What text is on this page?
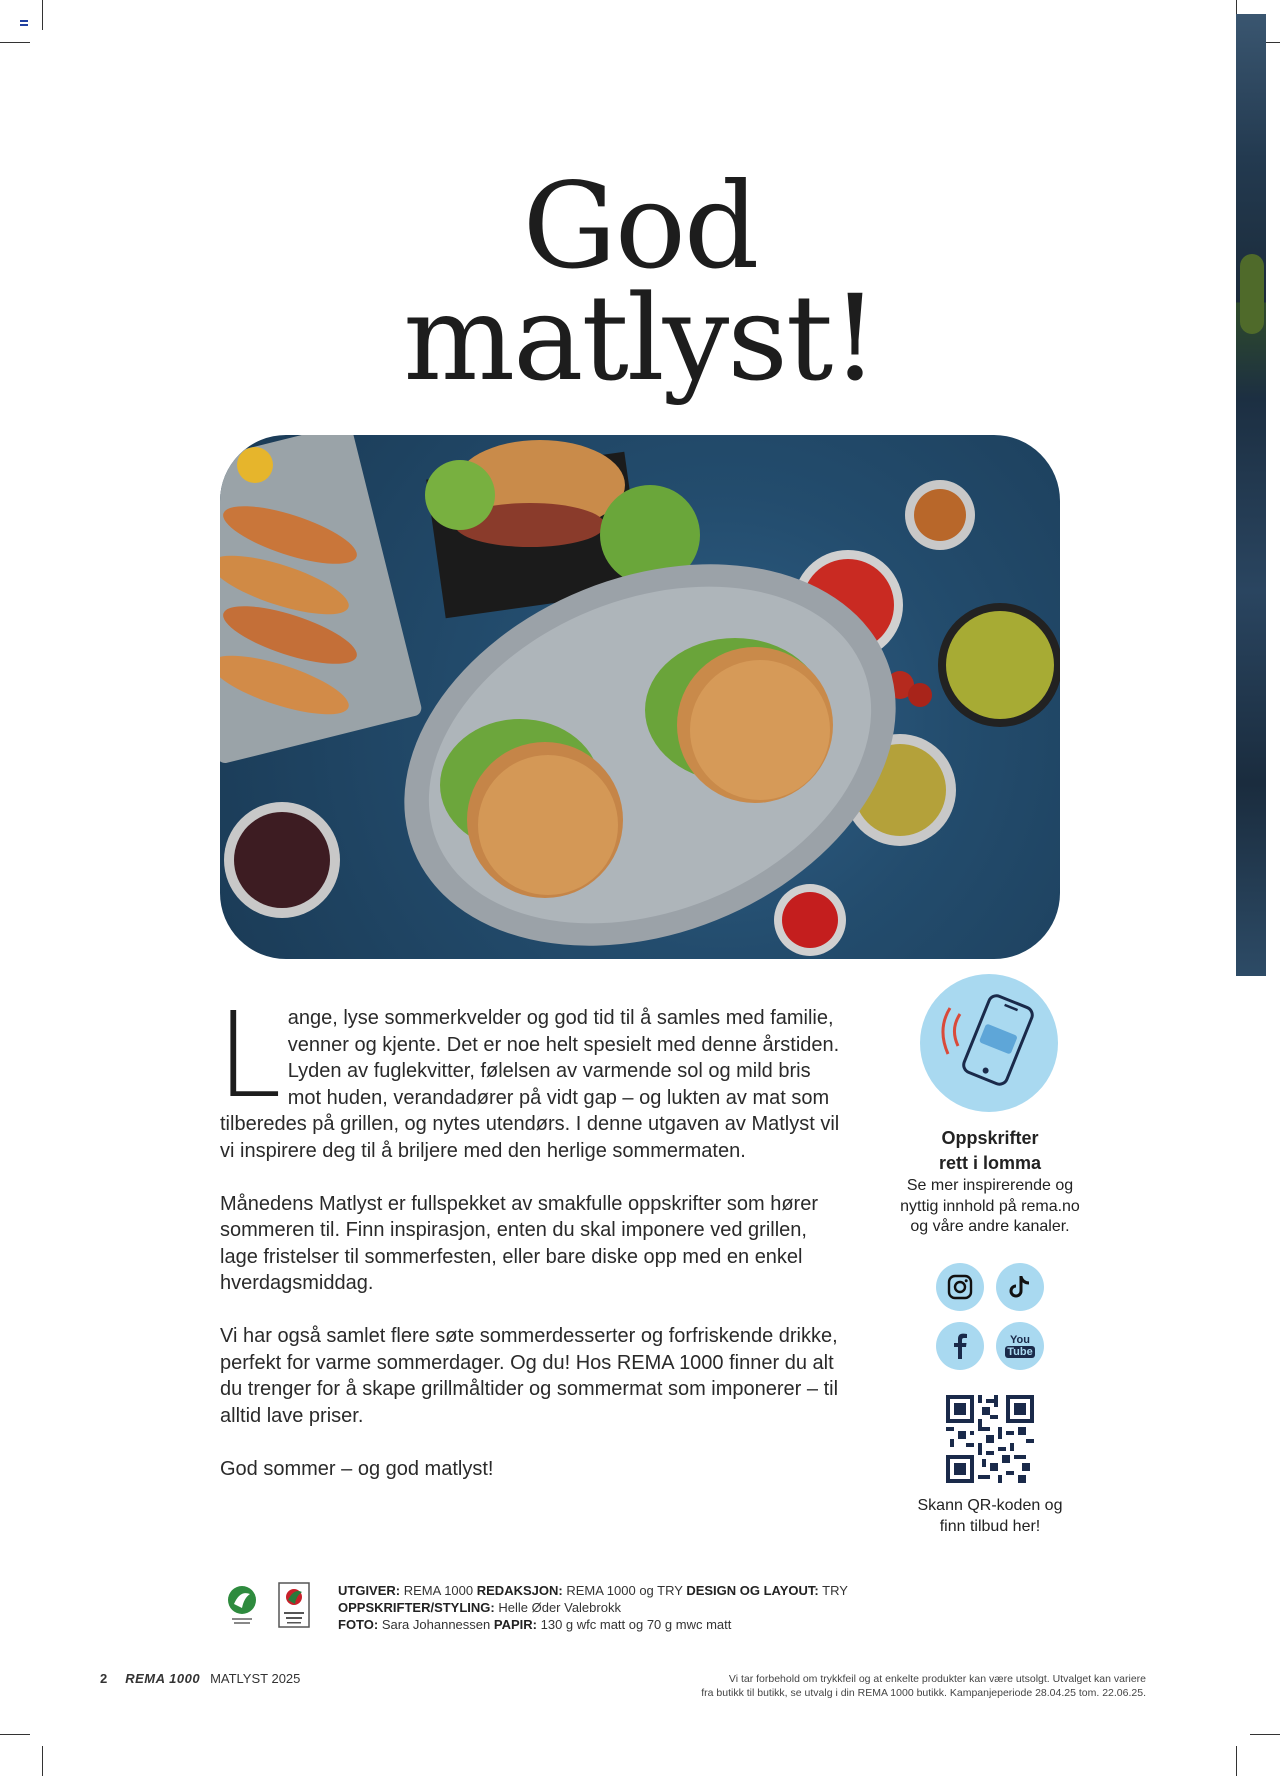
God
matlyst!

Lange, lyse sommerkvelder og god tid til å samles med familie, venner og kjente. Det er noe helt spesielt med denne årstiden. Lyden av fuglekvitter, følelsen av varmende sol og mild bris mot huden, verandadører på vidt gap – og lukten av mat som tilberedes på grillen, og nytes utendørs. I denne utgaven av Matlyst vil vi inspirere deg til å briljere med den herlige sommermaten.

Månedens Matlyst er fullspekket av smakfulle oppskrifter som hører sommeren til. Finn inspirasjon, enten du skal imponere ved grillen, lage fristelser til sommerfesten, eller bare diske opp med en enkel hverdagsmiddag.

Vi har også samlet flere søte sommerdesserter og forfriskende drikke, perfekt for varme sommerdager. Og du! Hos REMA 1000 finner du alt du trenger for å skape grillmåltider og sommermat som imponerer – til alltid lave priser.

God sommer – og god matlyst!

Oppskrifter
rett i lomma
Se mer inspirerende og
nyttig innhold på rema.no
og våre andre kanaler.
You
Tube
Skann QR-koden og
finn tilbud her!
UTGIVER: REMA 1000 REDAKSJON: REMA 1000 og TRY DESIGN OG LAYOUT: TRY
OPPSKRIFTER/STYLING: Helle Øder Valebrokk
FOTO: Sara Johannessen PAPIR: 130 g wfc matt og 70 g mwc matt
2 REMA 1000 MATLYST 2025	Vi tar forbehold om trykkfeil og at enkelte produkter kan være utsolgt. Utvalget kan variere
fra butikk til butikk, se utvalg i din REMA 1000 butikk. Kampanjeperiode 28.04.25 tom. 22.06.25.
